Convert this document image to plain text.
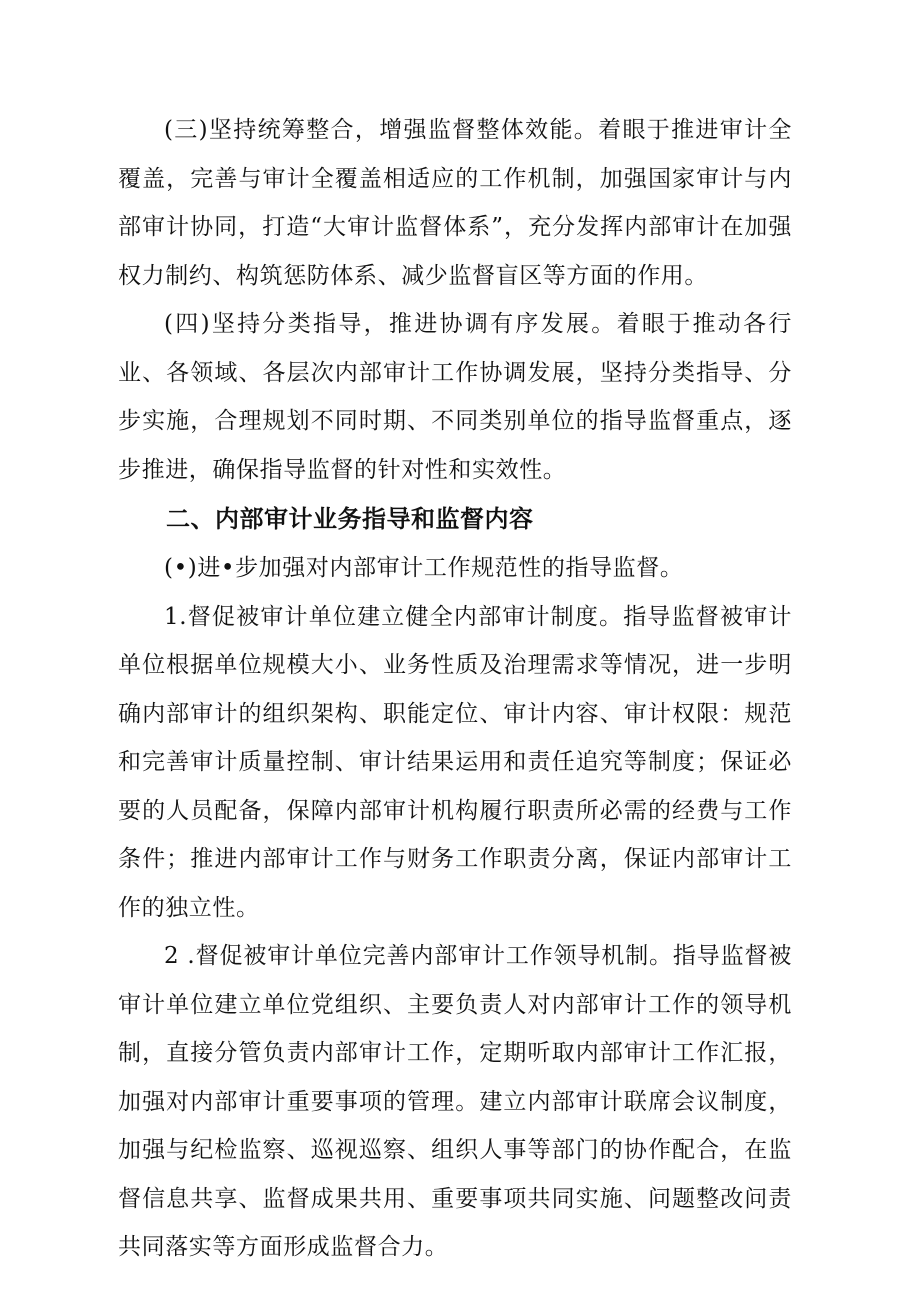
(三)坚持统筹整合，增强监督整体效能。着眼于推进审计全覆盖，完善与审计全覆盖相适应的工作机制，加强国家审计与内部审计协同，打造“大审计监督体系”，充分发挥内部审计在加强权力制约、构筑惩防体系、减少监督盲区等方面的作用。

(四)坚持分类指导，推进协调有序发展。着眼于推动各行业、各领域、各层次内部审计工作协调发展，坚持分类指导、分步实施，合理规划不同时期、不同类别单位的指导监督重点，逐步推进，确保指导监督的针对性和实效性。

二、内部审计业务指导和监督内容

(•)进•步加强对内部审计工作规范性的指导监督。

1.督促被审计单位建立健全内部审计制度。指导监督被审计单位根据单位规模大小、业务性质及治理需求等情况，进一步明确内部审计的组织架构、职能定位、审计内容、审计权限：规范和完善审计质量控制、审计结果运用和责任追究等制度；保证必要的人员配备，保障内部审计机构履行职责所必需的经费与工作条件；推进内部审计工作与财务工作职责分离，保证内部审计工作的独立性。

2 .督促被审计单位完善内部审计工作领导机制。指导监督被审计单位建立单位党组织、主要负责人对内部审计工作的领导机制，直接分管负责内部审计工作，定期听取内部审计工作汇报，加强对内部审计重要事项的管理。建立内部审计联席会议制度，加强与纪检监察、巡视巡察、组织人事等部门的协作配合，在监督信息共享、监督成果共用、重要事项共同实施、问题整改问责共同落实等方面形成监督合力。
